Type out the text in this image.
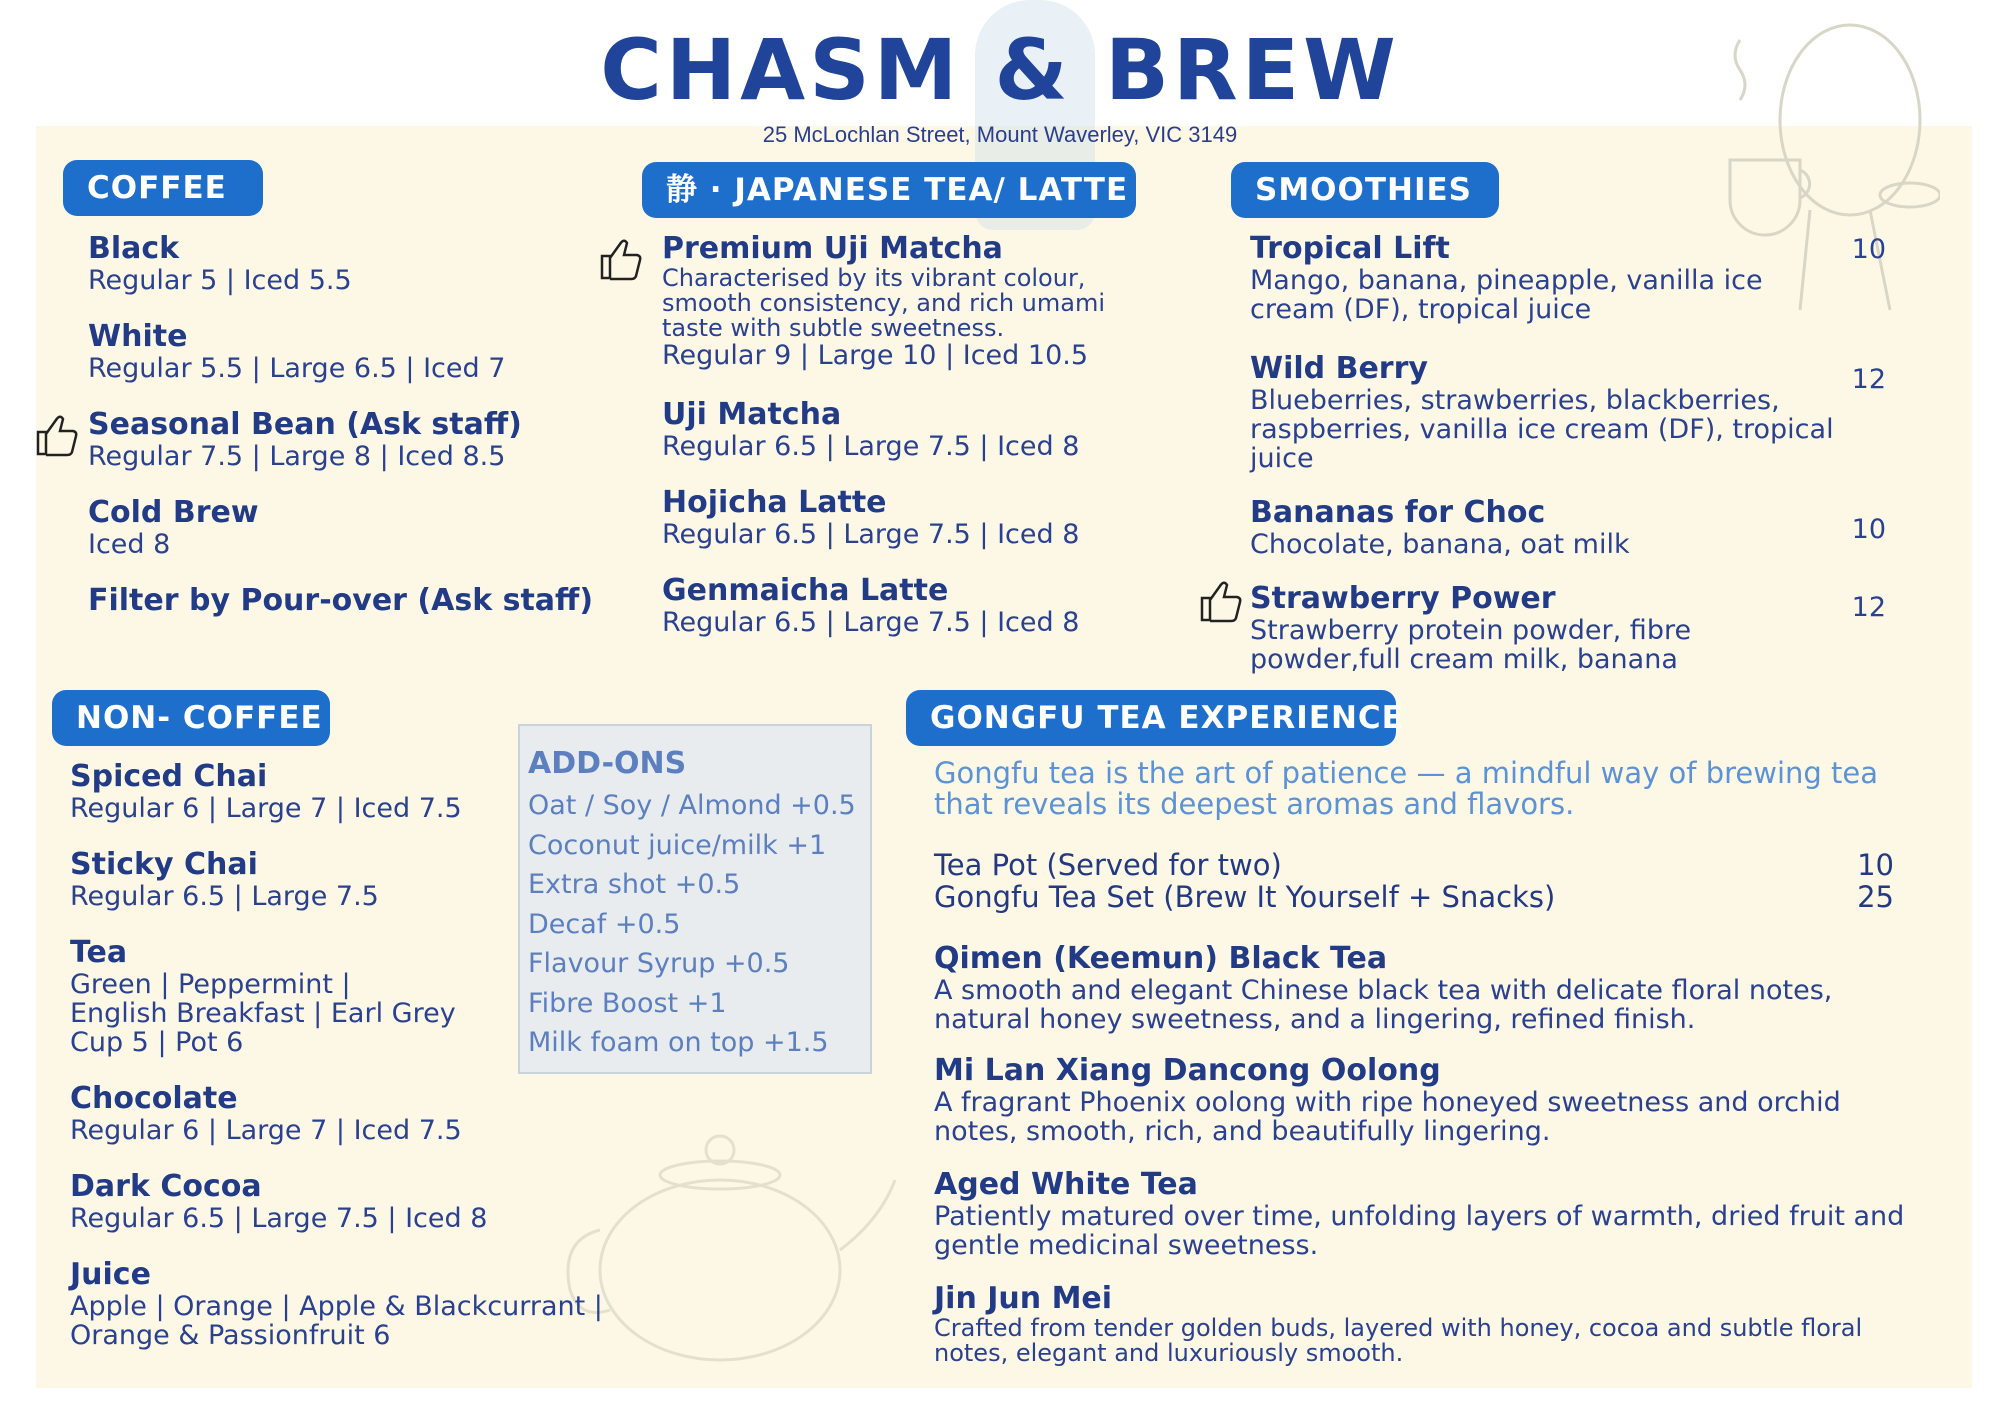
CHASM & BREW
25 McLochlan Street, Mount Waverley, VIC 3149
COFFEE
Black
Regular 5 | Iced 5.5
White
Regular 5.5 | Large 6.5 | Iced 7
Seasonal Bean (Ask staff)
Regular 7.5 | Large 8 | Iced 8.5
Cold Brew
Iced 8
Filter by Pour-over (Ask staff)
静 · JAPANESE TEA/ LATTE
Premium Uji Matcha
Characterised by its vibrant colour, smooth consistency, and rich umami taste with subtle sweetness.
Regular 9 | Large 10 | Iced 10.5
Uji Matcha
Regular 6.5 | Large 7.5 | Iced 8
Hojicha Latte
Regular 6.5 | Large 7.5 | Iced 8
Genmaicha Latte
Regular 6.5 | Large 7.5 | Iced 8
SMOOTHIES
Tropical Lift
Mango, banana, pineapple, vanilla ice cream (DF), tropical juice
10
Wild Berry
Blueberries, strawberries, blackberries, raspberries, vanilla ice cream (DF), tropical juice
12
Bananas for Choc
Chocolate, banana, oat milk	10
Strawberry Power
Strawberry protein powder, fibre powder,full cream milk, banana
12
NON- COFFEE
Spiced Chai
Regular 6 | Large 7 | Iced 7.5
Sticky Chai
Regular 6.5 | Large 7.5
Tea
Green | Peppermint |
English Breakfast | Earl Grey
Cup 5 | Pot 6
Chocolate
Regular 6 | Large 7 | Iced 7.5
Dark Cocoa
Regular 6.5 | Large 7.5 | Iced 8
Juice
Apple | Orange | Apple & Blackcurrant |
Orange & Passionfruit 6
ADD-ONS
Oat / Soy / Almond +0.5
Coconut juice/milk +1
Extra shot +0.5
Decaf +0.5
Flavour Syrup +0.5
Fibre Boost +1
Milk foam on top +1.5
GONGFU TEA EXPERIENCE
Gongfu tea is the art of patience — a mindful way of brewing tea that reveals its deepest aromas and flavors.
Tea Pot (Served for two)	10
Gongfu Tea Set (Brew It Yourself + Snacks)	25
Qimen (Keemun) Black Tea
A smooth and elegant Chinese black tea with delicate floral notes, natural honey sweetness, and a lingering, refined finish.
Mi Lan Xiang Dancong Oolong
A fragrant Phoenix oolong with ripe honeyed sweetness and orchid notes, smooth, rich, and beautifully lingering.
Aged White Tea
Patiently matured over time, unfolding layers of warmth, dried fruit and gentle medicinal sweetness.
Jin Jun Mei
Crafted from tender golden buds, layered with honey, cocoa and subtle floral notes, elegant and luxuriously smooth.
